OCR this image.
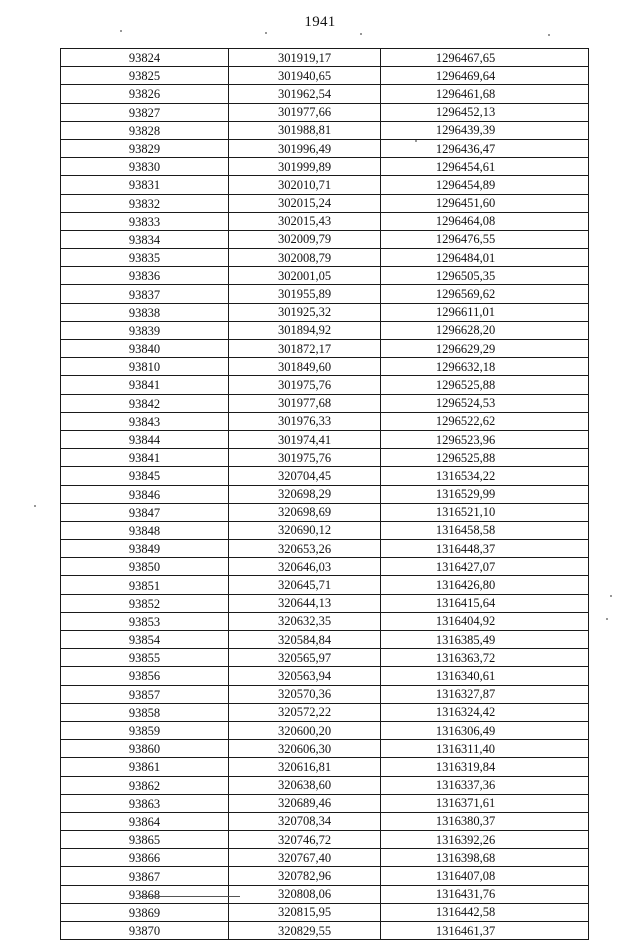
1941
93824	301919,17	1296467,65
93825	301940,65	1296469,64
93826	301962,54	1296461,68
93827	301977,66	1296452,13
93828	301988,81	1296439,39
93829	301996,49	1296436,47
93830	301999,89	1296454,61
93831	302010,71	1296454,89
93832	302015,24	1296451,60
93833	302015,43	1296464,08
93834	302009,79	1296476,55
93835	302008,79	1296484,01
93836	302001,05	1296505,35
93837	301955,89	1296569,62
93838	301925,32	1296611,01
93839	301894,92	1296628,20
93840	301872,17	1296629,29
93810	301849,60	1296632,18
93841	301975,76	1296525,88
93842	301977,68	1296524,53
93843	301976,33	1296522,62
93844	301974,41	1296523,96
93841	301975,76	1296525,88
93845	320704,45	1316534,22
93846	320698,29	1316529,99
93847	320698,69	1316521,10
93848	320690,12	1316458,58
93849	320653,26	1316448,37
93850	320646,03	1316427,07
93851	320645,71	1316426,80
93852	320644,13	1316415,64
93853	320632,35	1316404,92
93854	320584,84	1316385,49
93855	320565,97	1316363,72
93856	320563,94	1316340,61
93857	320570,36	1316327,87
93858	320572,22	1316324,42
93859	320600,20	1316306,49
93860	320606,30	1316311,40
93861	320616,81	1316319,84
93862	320638,60	1316337,36
93863	320689,46	1316371,61
93864	320708,34	1316380,37
93865	320746,72	1316392,26
93866	320767,40	1316398,68
93867	320782,96	1316407,08
93868	320808,06	1316431,76
93869	320815,95	1316442,58
93870	320829,55	1316461,37
